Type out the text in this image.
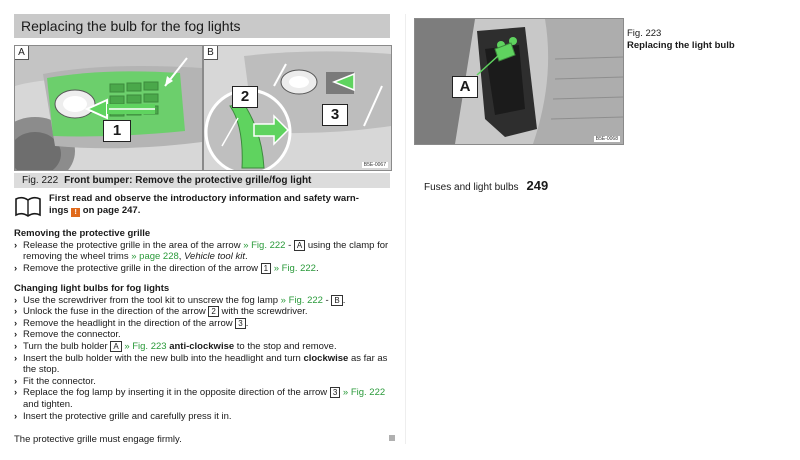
Replacing the bulb for the fog lights
A
1
B
2
3
B5E-0067
Fig. 222 Front bumper: Remove the protective grille/fog light
A
B5E-0068
Fig. 223
Replacing the light bulb
Fuses and light bulbs 249
First read and observe the introductory information and safety warn-
ings ! on page 247.
Removing the protective grille
› Release the protective grille in the area of the arrow » Fig. 222 - A using the clamp for removing the wheel trims » page 228, Vehicle tool kit.
› Remove the protective grille in the direction of the arrow 1 » Fig. 222.
Changing light bulbs for fog lights
› Use the screwdriver from the tool kit to unscrew the fog lamp » Fig. 222 - B .
› Unlock the fuse in the direction of the arrow 2 with the screwdriver.
› Remove the headlight in the direction of the arrow 3 .
› Remove the connector.
› Turn the bulb holder A » Fig. 223 anti-clockwise to the stop and remove.
› Insert the bulb holder with the new bulb into the headlight and turn clockwise as far as the stop.
› Fit the connector.
› Replace the fog lamp by inserting it in the opposite direction of the arrow 3 » Fig. 222 and tighten.
› Insert the protective grille and carefully press it in.
The protective grille must engage firmly.
